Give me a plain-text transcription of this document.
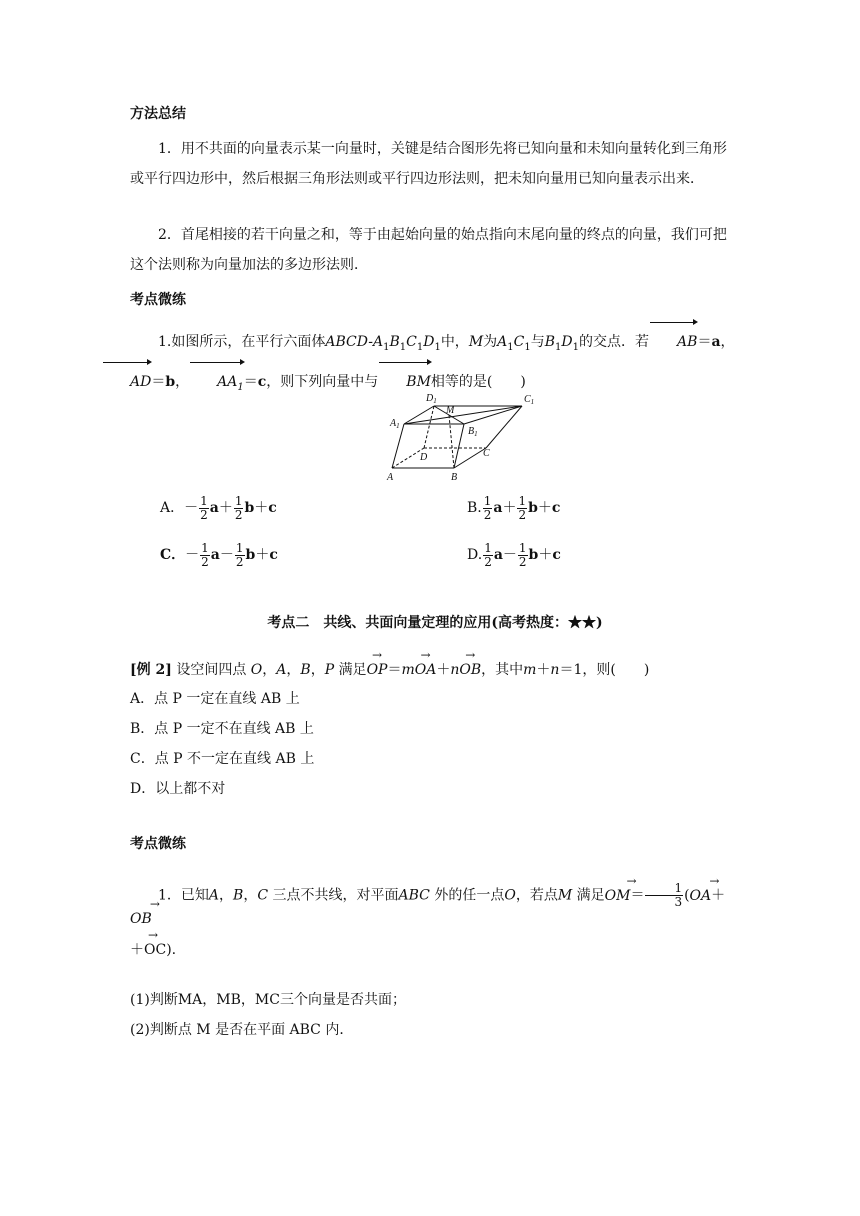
方法总结
1．用不共面的向量表示某一向量时，关键是结合图形先将已知向量和未知向量转化到三角形或平行四边形中，然后根据三角形法则或平行四边形法则，把未知向量用已知向量表示出来．
2．首尾相接的若干向量之和，等于由起始向量的始点指向末尾向量的终点的向量，我们可把这个法则称为向量加法的多边形法则．
考点微练
1.如图所示，在平行六面体ABCD-$A_1B_1C_1D_1$中，M为$A_1C_1$与$B_1D_1$的交点．若 AB＝a，
AD＝b， $AA_1=c$，则下列向量中与 BM相等的是(　　)
$D_1$
M
$C_1$
$A_1$	$B_1$
D	C
A	B
A．－ $\frac{1}{2} a+ \frac{1}{2} b+c$	B. $\frac{1}{2} a+ \frac{1}{2} b+c$
C．－ $\frac{1}{2} a- \frac{1}{2} b+c$	D. $\frac{1}{2} a- \frac{1}{2} b+c$
考点二　共线、共面向量定理的应用(高考热度：★★)
[例 2] 设空间四点 O，A，B，P 满足→ OP＝m→ OA＋n→ OB，其中m＋n＝1，则(　　)
A．点 P 一定在直线 AB 上
B．点 P 一定不在直线 AB 上
C．点 P 不一定在直线 AB 上
D．以上都不对
考点微练
1．已知A，B，C 三点不共线，对平面ABC 外的任一点O，若点M 满足→ $OM= \frac{1}{3}$ (→ OA＋→ OB
→ ＋OC).
(1)判断MA，MB，MC三个向量是否共面；
(2)判断点 M 是否在平面 ABC 内．
